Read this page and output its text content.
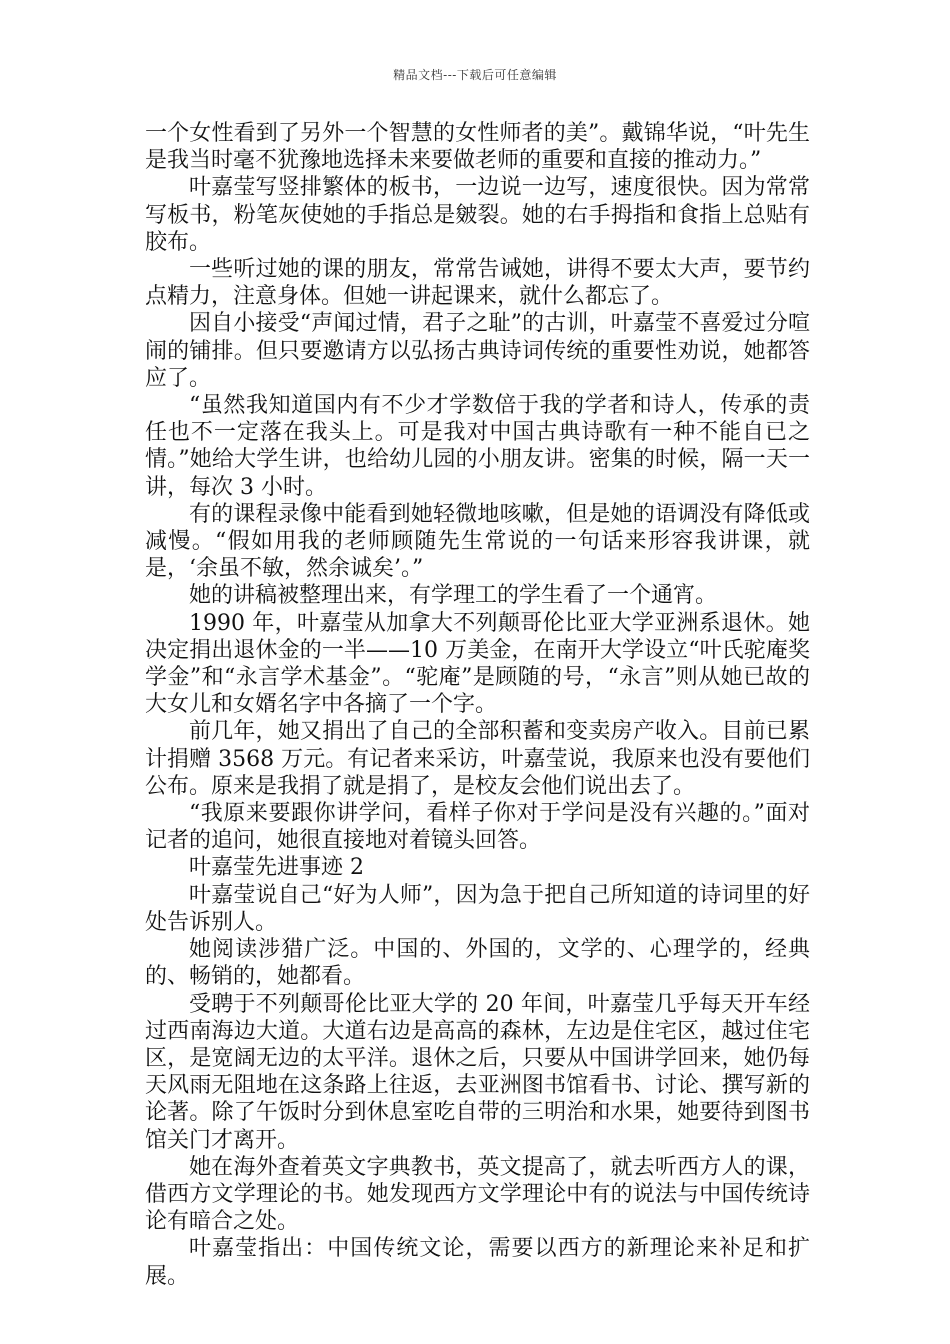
精品文档---下载后可任意编辑

一个女性看到了另外一个智慧的女性师者的美”。戴锦华说，“叶先生是我当时毫不犹豫地选择未来要做老师的重要和直接的推动力。”

叶嘉莹写竖排繁体的板书，一边说一边写，速度很快。因为常常写板书，粉笔灰使她的手指总是皴裂。她的右手拇指和食指上总贴有胶布。

一些听过她的课的朋友，常常告诫她，讲得不要太大声，要节约点精力，注意身体。但她一讲起课来，就什么都忘了。

因自小接受“声闻过情，君子之耻”的古训，叶嘉莹不喜爱过分喧闹的铺排。但只要邀请方以弘扬古典诗词传统的重要性劝说，她都答应了。

“虽然我知道国内有不少才学数倍于我的学者和诗人，传承的责任也不一定落在我头上。可是我对中国古典诗歌有一种不能自已之情。”她给大学生讲，也给幼儿园的小朋友讲。密集的时候，隔一天一讲，每次 3 小时。

有的课程录像中能看到她轻微地咳嗽，但是她的语调没有降低或减慢。“假如用我的老师顾随先生常说的一句话来形容我讲课，就是，‘余虽不敏，然余诚矣’。”

她的讲稿被整理出来，有学理工的学生看了一个通宵。

1990 年，叶嘉莹从加拿大不列颠哥伦比亚大学亚洲系退休。她决定捐出退休金的一半——10 万美金，在南开大学设立“叶氏驼庵奖学金”和“永言学术基金”。“驼庵”是顾随的号，“永言”则从她已故的大女儿和女婿名字中各摘了一个字。

前几年，她又捐出了自己的全部积蓄和变卖房产收入。目前已累计捐赠 3568 万元。有记者来采访，叶嘉莹说，我原来也没有要他们公布。原来是我捐了就是捐了，是校友会他们说出去了。

“我原来要跟你讲学问，看样子你对于学问是没有兴趣的。”面对记者的追问，她很直接地对着镜头回答。

叶嘉莹先进事迹 2

叶嘉莹说自己“好为人师”，因为急于把自己所知道的诗词里的好处告诉别人。

她阅读涉猎广泛。中国的、外国的，文学的、心理学的，经典的、畅销的，她都看。

受聘于不列颠哥伦比亚大学的 20 年间，叶嘉莹几乎每天开车经过西南海边大道。大道右边是高高的森林，左边是住宅区，越过住宅区，是宽阔无边的太平洋。退休之后，只要从中国讲学回来，她仍每天风雨无阻地在这条路上往返，去亚洲图书馆看书、讨论、撰写新的论著。除了午饭时分到休息室吃自带的三明治和水果，她要待到图书馆关门才离开。

她在海外查着英文字典教书，英文提高了，就去听西方人的课，借西方文学理论的书。她发现西方文学理论中有的说法与中国传统诗论有暗合之处。

叶嘉莹指出：中国传统文论，需要以西方的新理论来补足和扩展。
